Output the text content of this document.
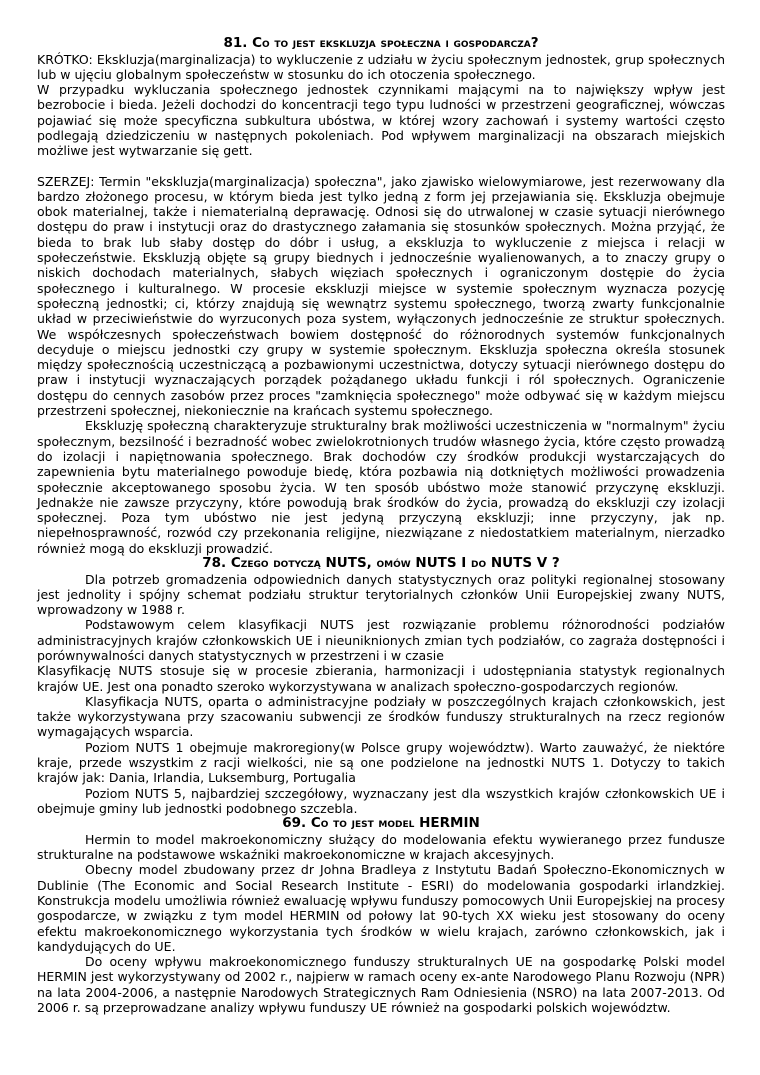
81. Co to jest ekskluzja społeczna i gospodarcza?

KRÓTKO: Ekskluzja(marginalizacja) to wykluczenie z udziału w życiu społecznym jednostek, grup społecznych lub w ujęciu globalnym społeczeństw w stosunku do ich otoczenia społecznego.

W przypadku wykluczania społecznego jednostek czynnikami mającymi na to największy wpływ jest bezrobocie i bieda. Jeżeli dochodzi do koncentracji tego typu ludności w przestrzeni geograficznej, wówczas pojawiać się może specyficzna subkultura ubóstwa, w której wzory zachowań i systemy wartości często podlegają dziedziczeniu w następnych pokoleniach. Pod wpływem marginalizacji na obszarach miejskich możliwe jest wytwarzanie się gett.

SZERZEJ: Termin "ekskluzja(marginalizacja) społeczna", jako zjawisko wielowymiarowe, jest rezerwowany dla bardzo złożonego procesu, w którym bieda jest tylko jedną z form jej przejawiania się. Ekskluzja obejmuje obok materialnej, także i niematerialną deprawację. Odnosi się do utrwalonej w czasie sytuacji nierównego dostępu do praw i instytucji oraz do drastycznego załamania się stosunków społecznych. Można przyjąć, że bieda to brak lub słaby dostęp do dóbr i usług, a ekskluzja to wykluczenie z miejsca i relacji w społeczeństwie. Ekskluzją objęte są grupy biednych i jednocześnie wyalienowanych, a to znaczy grupy o niskich dochodach materialnych, słabych więziach społecznych i ograniczonym dostępie do życia społecznego i kulturalnego. W procesie ekskluzji miejsce w systemie społecznym wyznacza pozycję społeczną jednostki; ci, którzy znajdują się wewnątrz systemu społecznego, tworzą zwarty funkcjonalnie układ w przeciwieństwie do wyrzuconych poza system, wyłączonych jednocześnie ze struktur społecznych. We współczesnych społeczeństwach bowiem dostępność do różnorodnych systemów funkcjonalnych decyduje o miejscu jednostki czy grupy w systemie społecznym. Ekskluzja społeczna określa stosunek między społecznością uczestniczącą a pozbawionymi uczestnictwa, dotyczy sytuacji nierównego dostępu do praw i instytucji wyznaczających porządek pożądanego układu funkcji i ról społecznych. Ograniczenie dostępu do cennych zasobów przez proces "zamknięcia społecznego" może odbywać się w każdym miejscu przestrzeni społecznej, niekoniecznie na krańcach systemu społecznego.

Ekskluzję społeczną charakteryzuje strukturalny brak możliwości uczestniczenia w "normalnym" życiu społecznym, bezsilność i bezradność wobec zwielokrotnionych trudów własnego życia, które często prowadzą do izolacji i napiętnowania społecznego. Brak dochodów czy środków produkcji wystarczających do zapewnienia bytu materialnego powoduje biedę, która pozbawia nią dotkniętych możliwości prowadzenia społecznie akceptowanego sposobu życia. W ten sposób ubóstwo może stanowić przyczynę ekskluzji. Jednakże nie zawsze przyczyny, które powodują brak środków do życia, prowadzą do ekskluzji czy izolacji społecznej. Poza tym ubóstwo nie jest jedyną przyczyną ekskluzji; inne przyczyny, jak np. niepełnosprawność, rozwód czy przekonania religijne, niezwiązane z niedostatkiem materialnym, nierzadko również mogą do ekskluzji prowadzić.

78. Czego dotyczą NUTS, omów NUTS I do NUTS V ?

Dla potrzeb gromadzenia odpowiednich danych statystycznych oraz polityki regionalnej stosowany jest jednolity i spójny schemat podziału struktur terytorialnych członków Unii Europejskiej zwany NUTS, wprowadzony w 1988 r.

Podstawowym celem klasyfikacji NUTS jest rozwiązanie problemu różnorodności podziałów administracyjnych krajów członkowskich UE i nieuniknionych zmian tych podziałów, co zagraża dostępności i porównywalności danych statystycznych w przestrzeni i w czasie

Klasyfikację NUTS stosuje się w procesie zbierania, harmonizacji i udostępniania statystyk regionalnych krajów UE. Jest ona ponadto szeroko wykorzystywana w analizach społeczno-gospodarczych regionów.

Klasyfikacja NUTS, oparta o administracyjne podziały w poszczególnych krajach członkowskich, jest także wykorzystywana przy szacowaniu subwencji ze środków funduszy strukturalnych na rzecz regionów wymagających wsparcia.

Poziom NUTS 1 obejmuje makroregiony(w Polsce grupy województw). Warto zauważyć, że niektóre kraje, przede wszystkim z racji wielkości, nie są one podzielone na jednostki NUTS 1. Dotyczy to takich krajów jak: Dania, Irlandia, Luksemburg, Portugalia

Poziom NUTS 5, najbardziej szczegółowy, wyznaczany jest dla wszystkich krajów członkowskich UE i obejmuje gminy lub jednostki podobnego szczebla.

69. Co to jest model HERMIN

Hermin to model makroekonomiczny służący do modelowania efektu wywieranego przez fundusze strukturalne na podstawowe wskaźniki makroekonomiczne w krajach akcesyjnych.

Obecny model zbudowany przez dr Johna Bradleya z Instytutu Badań Społeczno-Ekonomicznych w Dublinie (The Economic and Social Research Institute - ESRI) do modelowania gospodarki irlandzkiej. Konstrukcja modelu umożliwia również ewaluację wpływu funduszy pomocowych Unii Europejskiej na procesy gospodarcze, w związku z tym model HERMIN od połowy lat 90-tych XX wieku jest stosowany do oceny efektu makroekonomicznego wykorzystania tych środków w wielu krajach, zarówno członkowskich, jak i kandydujących do UE.

Do oceny wpływu makroekonomicznego funduszy strukturalnych UE na gospodarkę Polski model HERMIN jest wykorzystywany od 2002 r., najpierw w ramach oceny ex-ante Narodowego Planu Rozwoju (NPR) na lata 2004-2006, a następnie Narodowych Strategicznych Ram Odniesienia (NSRO) na lata 2007-2013. Od 2006 r. są przeprowadzane analizy wpływu funduszy UE również na gospodarki polskich województw.
